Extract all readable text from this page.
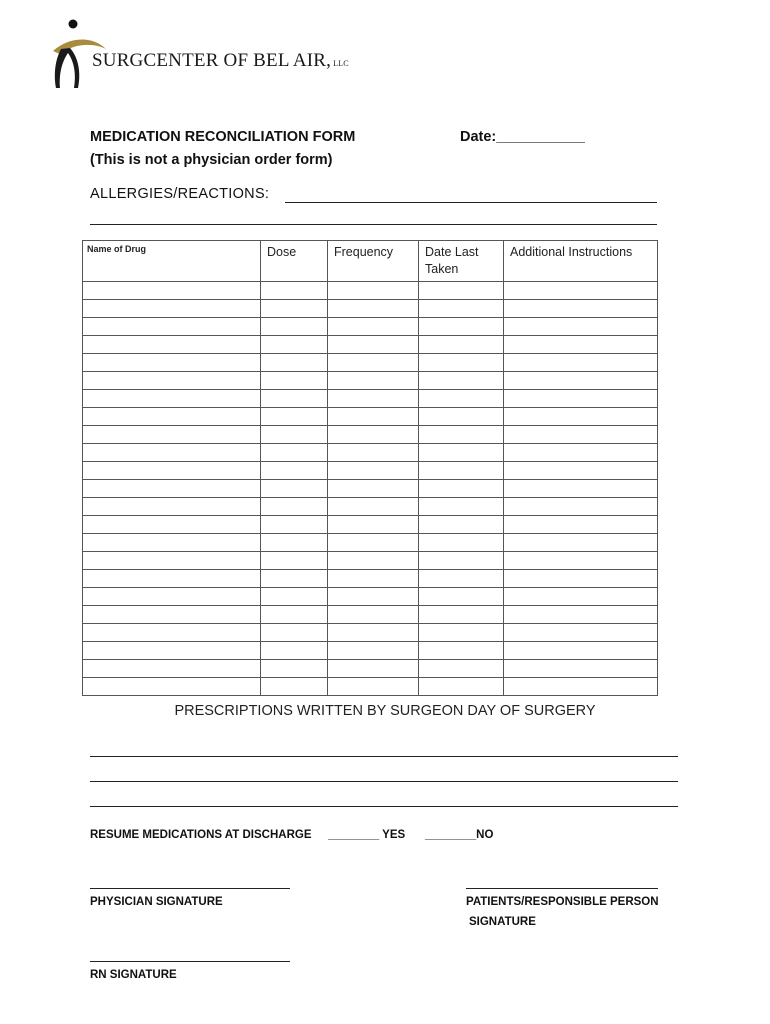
SURGCENTER OF BEL AIR, LLC
MEDICATION RECONCILIATION FORM
(This is not a physician order form)
Date:___________
ALLERGIES/REACTIONS:
Name of Drug	Dose	Frequency	Date Last Taken	Additional Instructions

PRESCRIPTIONS WRITTEN BY SURGEON DAY OF SURGERY
RESUME MEDICATIONS AT DISCHARGE ________ YES ________NO
PHYSICIAN SIGNATURE	PATIENTS/RESPONSIBLE PERSON
SIGNATURE
RN SIGNATURE
